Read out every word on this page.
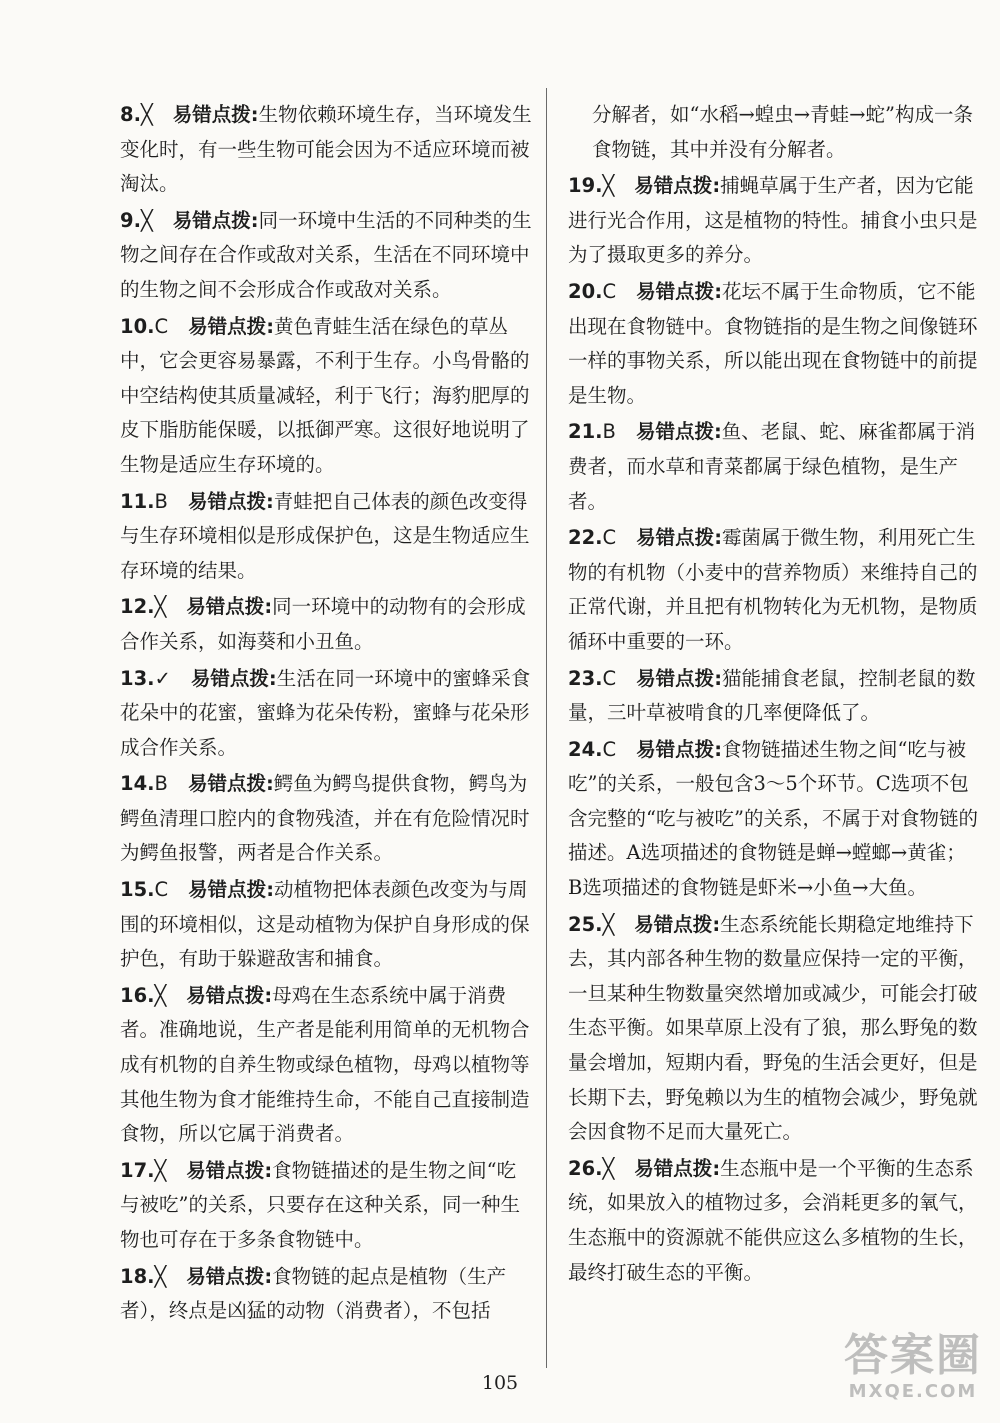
8.╳ 易错点拨:生物依赖环境生存，当环境发生变化时，有一些生物可能会因为不适应环境而被淘汰。

9.╳ 易错点拨:同一环境中生活的不同种类的生物之间存在合作或敌对关系，生活在不同环境中的生物之间不会形成合作或敌对关系。

10.C 易错点拨:黄色青蛙生活在绿色的草丛中，它会更容易暴露，不利于生存。小鸟骨骼的中空结构使其质量减轻，利于飞行；海豹肥厚的皮下脂肪能保暖，以抵御严寒。这很好地说明了生物是适应生存环境的。

11.B 易错点拨:青蛙把自己体表的颜色改变得与生存环境相似是形成保护色，这是生物适应生存环境的结果。

12.╳ 易错点拨:同一环境中的动物有的会形成合作关系，如海葵和小丑鱼。

13.✓ 易错点拨:生活在同一环境中的蜜蜂采食花朵中的花蜜，蜜蜂为花朵传粉，蜜蜂与花朵形成合作关系。

14.B 易错点拨:鳄鱼为鳄鸟提供食物，鳄鸟为鳄鱼清理口腔内的食物残渣，并在有危险情况时为鳄鱼报警，两者是合作关系。

15.C 易错点拨:动植物把体表颜色改变为与周围的环境相似，这是动植物为保护自身形成的保护色，有助于躲避敌害和捕食。

16.╳ 易错点拨:母鸡在生态系统中属于消费者。准确地说，生产者是能利用简单的无机物合成有机物的自养生物或绿色植物，母鸡以植物等其他生物为食才能维持生命，不能自己直接制造食物，所以它属于消费者。

17.╳ 易错点拨:食物链描述的是生物之间“吃与被吃”的关系，只要存在这种关系，同一种生物也可存在于多条食物链中。

18.╳ 易错点拨:食物链的起点是植物（生产者），终点是凶猛的动物（消费者），不包括

分解者，如“水稻→蝗虫→青蛙→蛇”构成一条食物链，其中并没有分解者。

19.╳ 易错点拨:捕蝇草属于生产者，因为它能进行光合作用，这是植物的特性。捕食小虫只是为了摄取更多的养分。

20.C 易错点拨:花坛不属于生命物质，它不能出现在食物链中。食物链指的是生物之间像链环一样的事物关系，所以能出现在食物链中的前提是生物。

21.B 易错点拨:鱼、老鼠、蛇、麻雀都属于消费者，而水草和青菜都属于绿色植物，是生产者。

22.C 易错点拨:霉菌属于微生物，利用死亡生物的有机物（小麦中的营养物质）来维持自己的正常代谢，并且把有机物转化为无机物，是物质循环中重要的一环。

23.C 易错点拨:猫能捕食老鼠，控制老鼠的数量，三叶草被啃食的几率便降低了。

24.C 易错点拨:食物链描述生物之间“吃与被吃”的关系，一般包含3～5个环节。C选项不包含完整的“吃与被吃”的关系，不属于对食物链的描述。A选项描述的食物链是蝉→螳螂→黄雀；B选项描述的食物链是虾米→小鱼→大鱼。

25.╳ 易错点拨:生态系统能长期稳定地维持下去，其内部各种生物的数量应保持一定的平衡，一旦某种生物数量突然增加或减少，可能会打破生态平衡。如果草原上没有了狼，那么野兔的数量会增加，短期内看，野兔的生活会更好，但是长期下去，野兔赖以为生的植物会减少，野兔就会因食物不足而大量死亡。

26.╳ 易错点拨:生态瓶中是一个平衡的生态系统，如果放入的植物过多，会消耗更多的氧气，生态瓶中的资源就不能供应这么多植物的生长，最终打破生态的平衡。

105
答案圈
MXQE.COM
